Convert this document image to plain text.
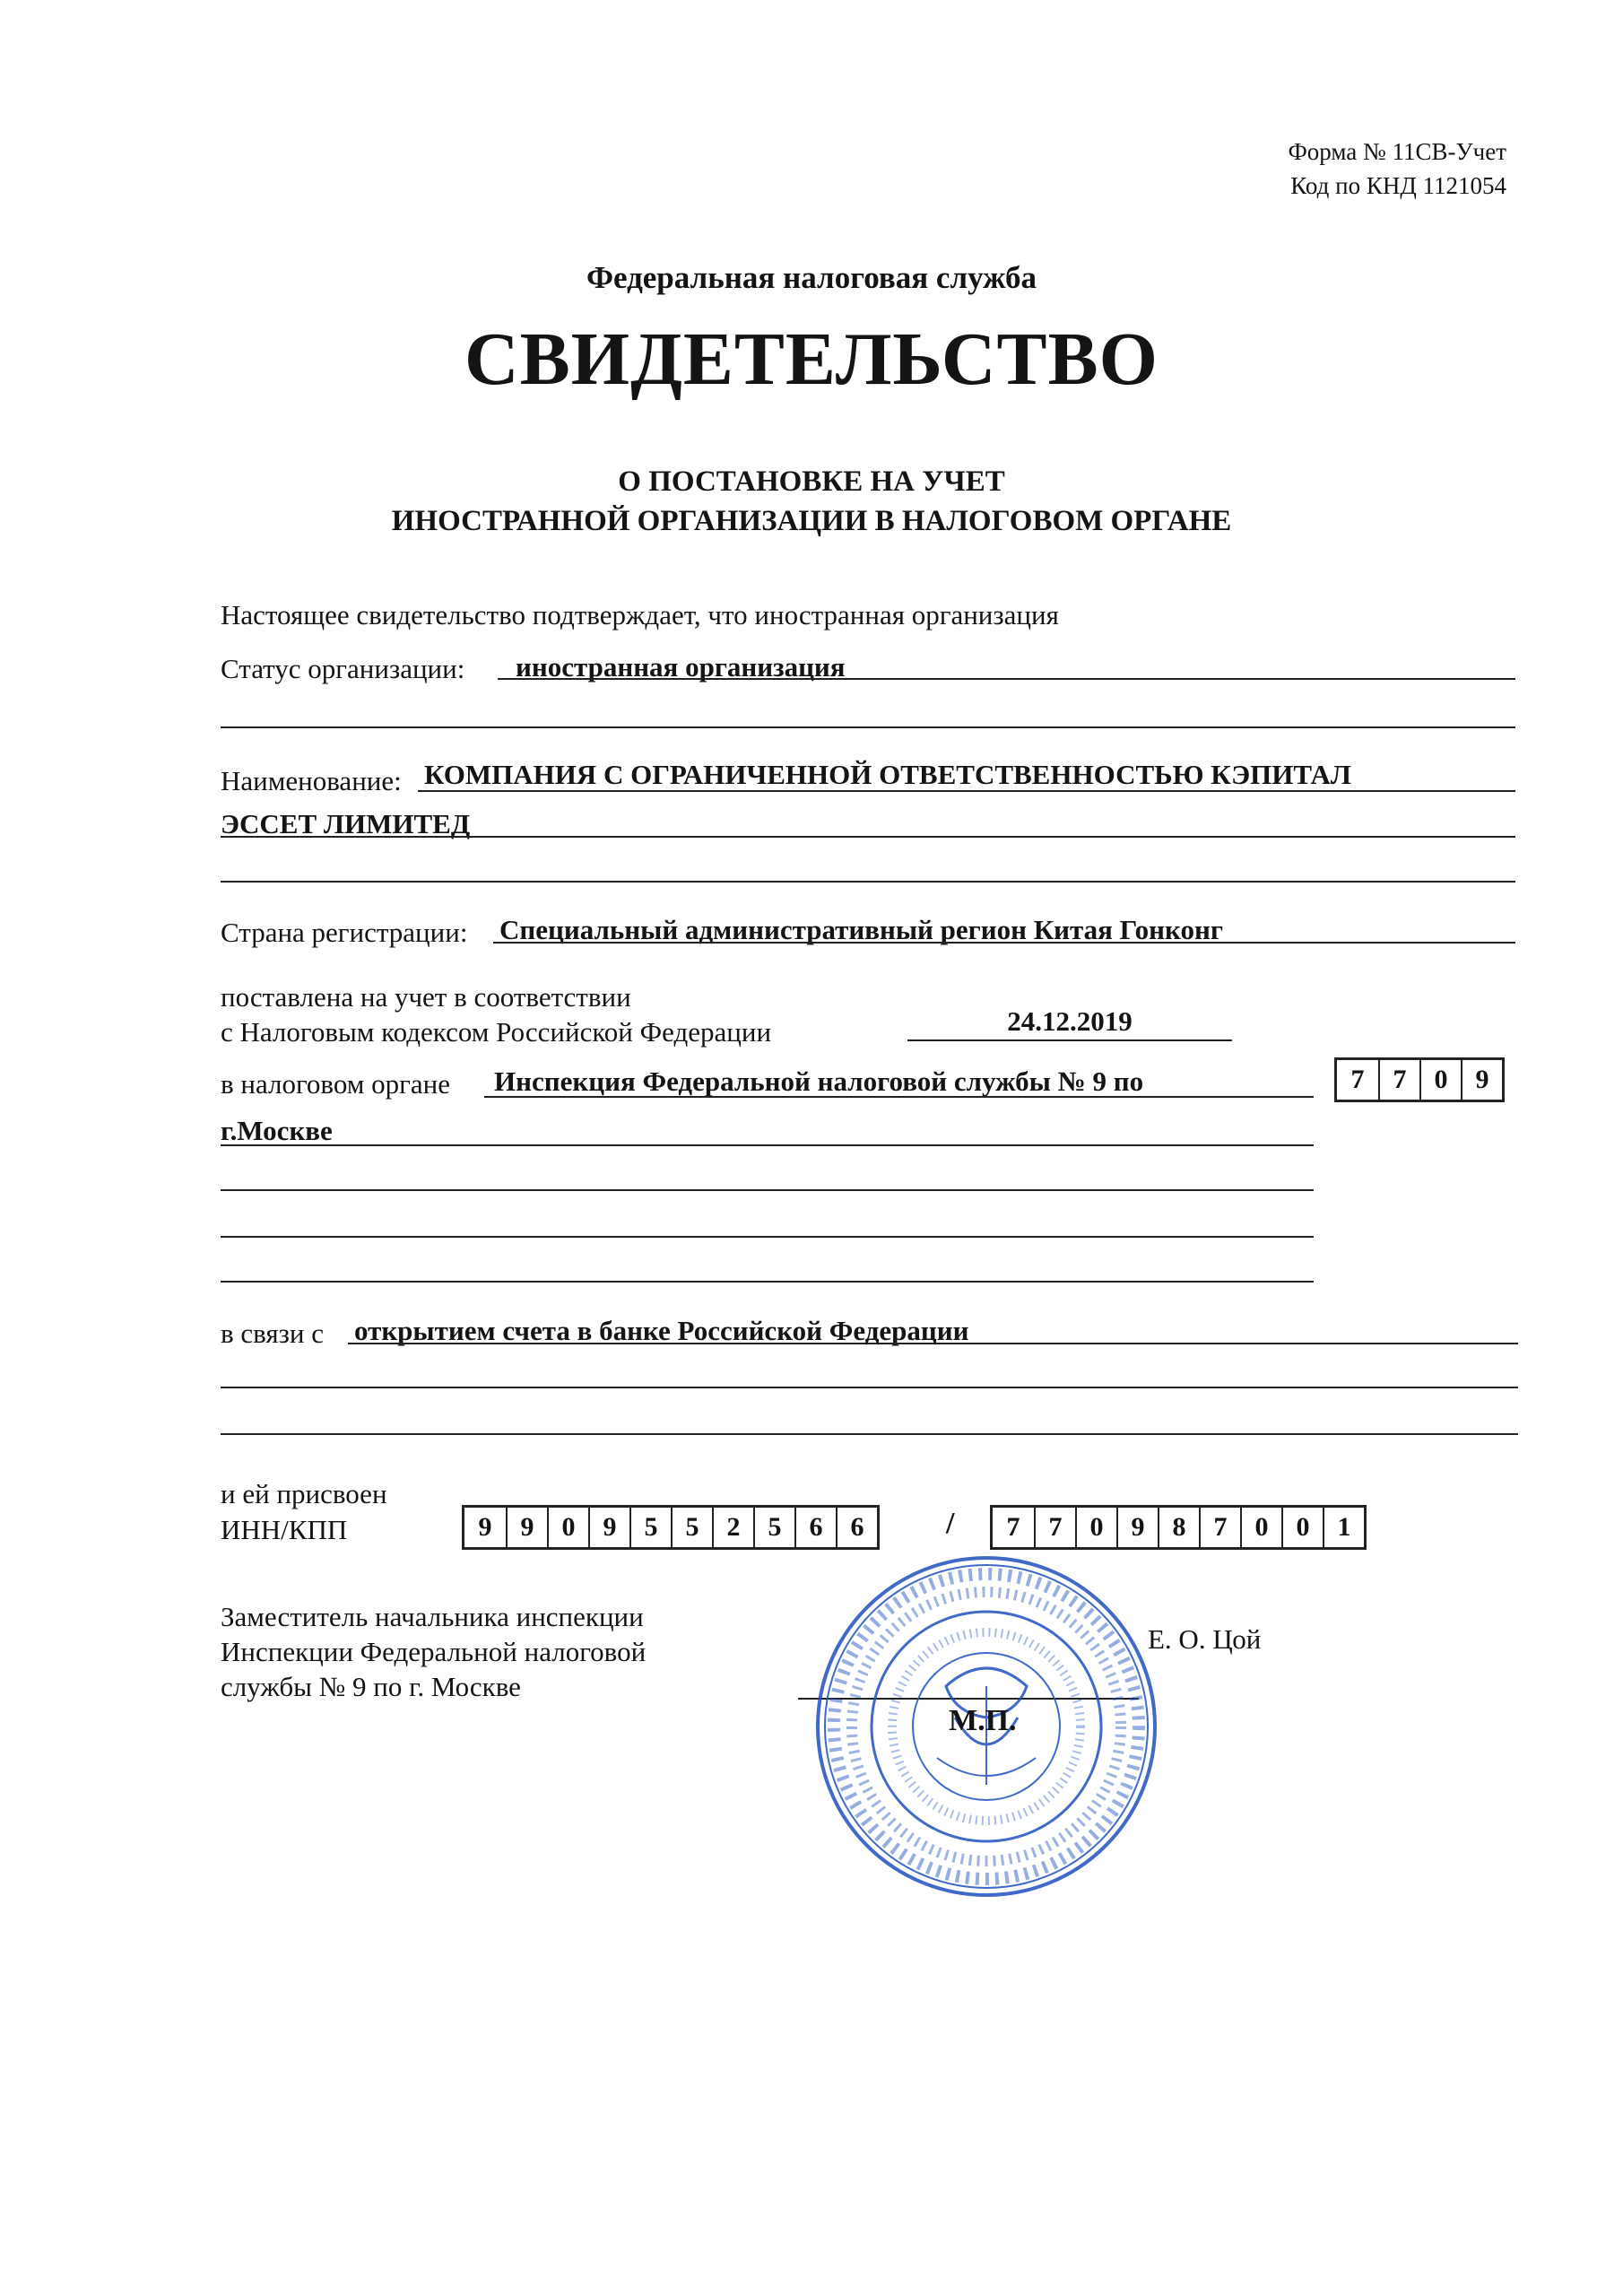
Форма № 11СВ-Учет
Код по КНД 1121054
Федеральная налоговая служба
СВИДЕТЕЛЬСТВО
О ПОСТАНОВКЕ НА УЧЕТ
ИНОСТРАННОЙ ОРГАНИЗАЦИИ В НАЛОГОВОМ ОРГАНЕ
Настоящее свидетельство подтверждает, что иностранная организация
Статус организации: иностранная организация
Наименование: КОМПАНИЯ С ОГРАНИЧЕННОЙ ОТВЕТСТВЕННОСТЬЮ КЭПИТАЛ
ЭССЕТ ЛИМИТЕД
Страна регистрации: Специальный административный регион Китая Гонконг
поставлена на учет в соответствии
с Налоговым кодексом Российской Федерации	24.12.2019
в налоговом органе Инспекция Федеральной налоговой службы № 9 по	7	7	0	9
г.Москве
в связи с открытием счета в банке Российской Федерации
и ей присвоен
ИНН/КПП	9	9	0	9	5	5	2	5	6	6	/	7	7	0	9	8	7	0	0	1
Заместитель начальника инспекции
Инспекции Федеральной налоговой
службы № 9 по г. Москве
Е. О. Цой
М.П.
